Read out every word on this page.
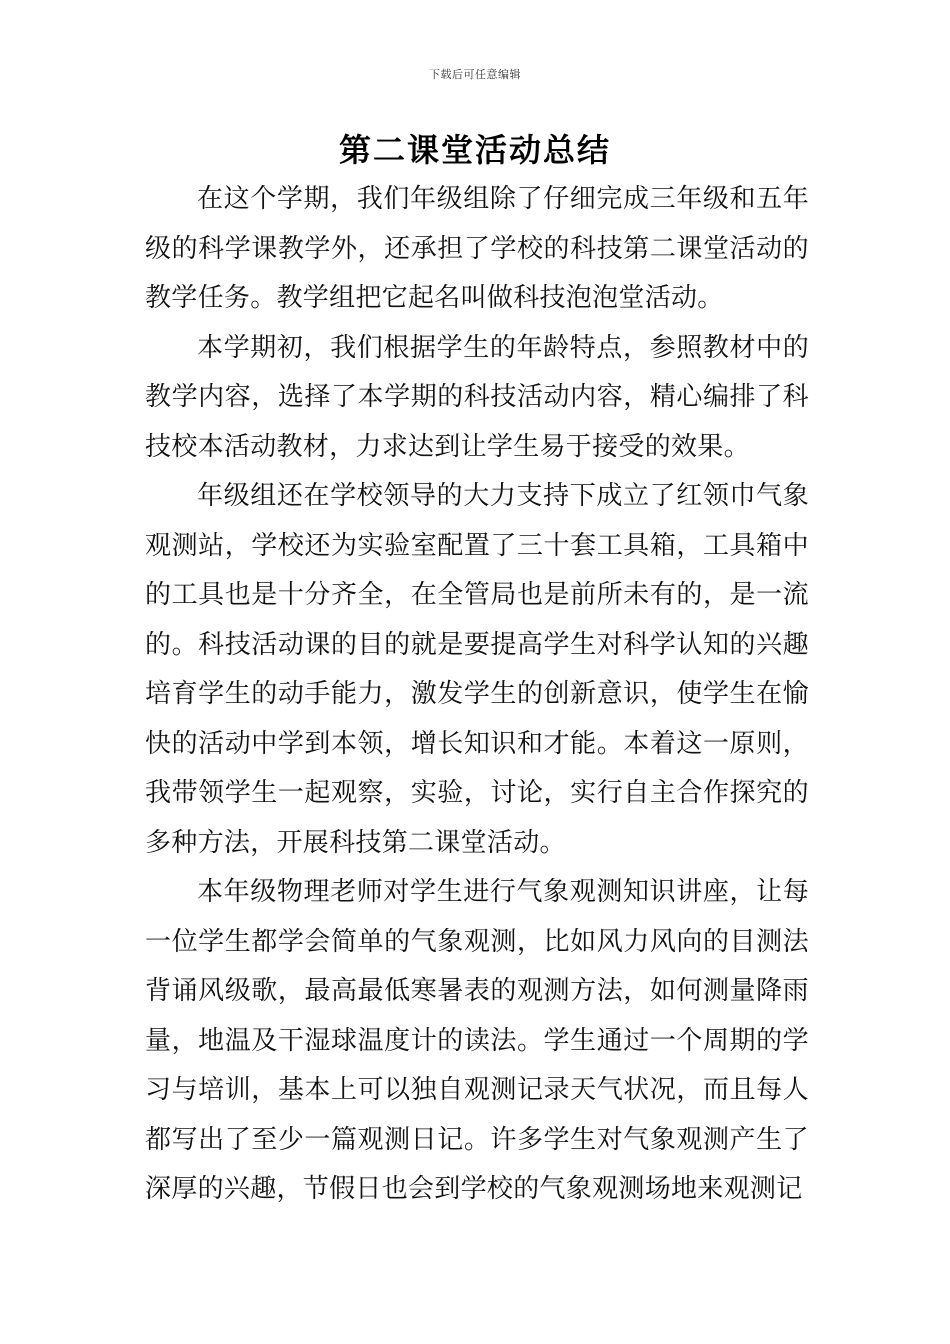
下载后可任意编辑
第二课堂活动总结

在这个学期，我们年级组除了仔细完成三年级和五年级的科学课教学外，还承担了学校的科技第二课堂活动的教学任务。教学组把它起名叫做科技泡泡堂活动。

本学期初，我们根据学生的年龄特点，参照教材中的教学内容，选择了本学期的科技活动内容，精心编排了科技校本活动教材，力求达到让学生易于接受的效果。

年级组还在学校领导的大力支持下成立了红领巾气象观测站，学校还为实验室配置了三十套工具箱，工具箱中的工具也是十分齐全，在全管局也是前所未有的，是一流的。科技活动课的目的就是要提高学生对科学认知的兴趣培育学生的动手能力，激发学生的创新意识，使学生在愉快的活动中学到本领，增长知识和才能。本着这一原则，我带领学生一起观察，实验，讨论，实行自主合作探究的多种方法，开展科技第二课堂活动。

本年级物理老师对学生进行气象观测知识讲座，让每一位学生都学会简单的气象观测，比如风力风向的目测法背诵风级歌，最高最低寒暑表的观测方法，如何测量降雨量，地温及干湿球温度计的读法。学生通过一个周期的学习与培训，基本上可以独自观测记录天气状况，而且每人都写出了至少一篇观测日记。许多学生对气象观测产生了深厚的兴趣，节假日也会到学校的气象观测场地来观测记
